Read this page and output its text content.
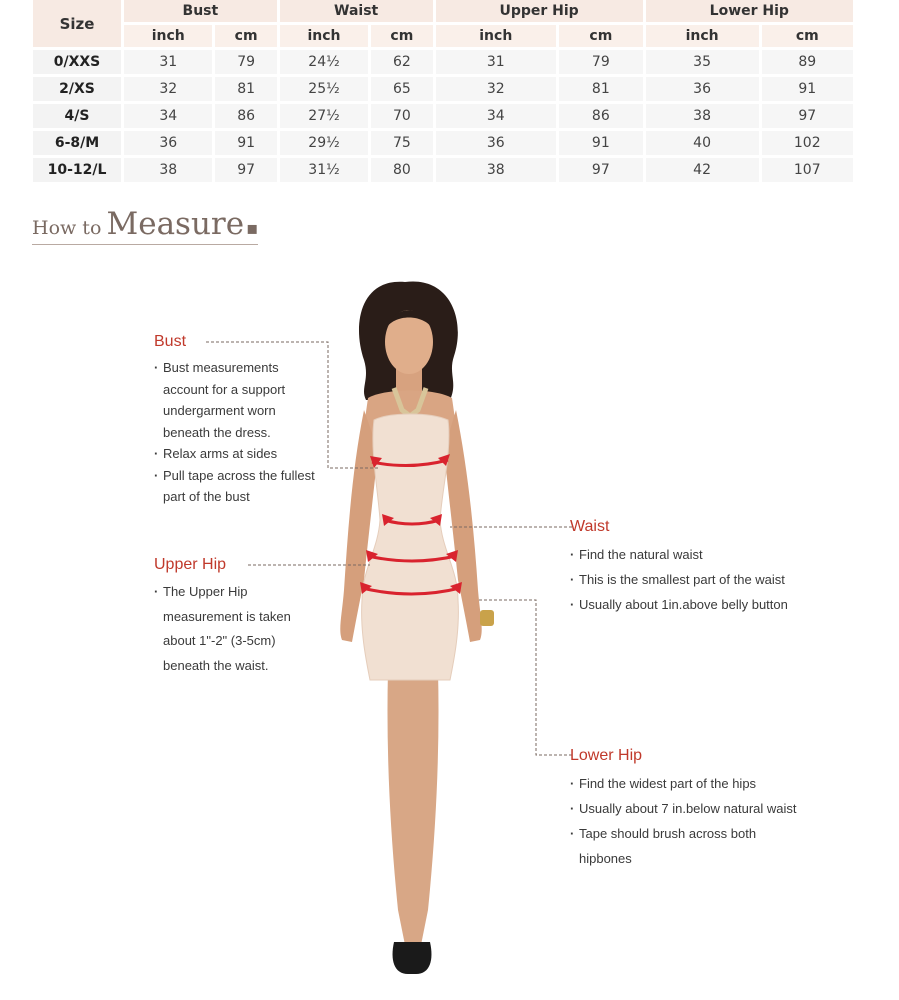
Size	Bust		Waist		Upper Hip		Lower Hip	
	inch	cm	inch	cm	inch	cm	inch	cm
0/XXS	31	79	24½	62	31	79	35	89
2/XS	32	81	25½	65	32	81	36	91
4/S	34	86	27½	70	34	86	38	97
6-8/M	36	91	29½	75	36	91	40	102
10-12/L	38	97	31½	80	38	97	42	107
How to Measure ▪
Bust
· Bust measurements account for a support undergarment worn beneath the dress.
· Relax arms at sides
· Pull tape across the fullest part of the bust
Upper Hip
· The Upper Hip measurement is taken about 1"-2" (3-5cm) beneath the waist.
Waist
· Find the natural waist
· This is the smallest part of the waist
· Usually about 1in.above belly button
Lower Hip
· Find the widest part of the hips
· Usually about 7 in.below natural waist
· Tape should brush across both hipbones
